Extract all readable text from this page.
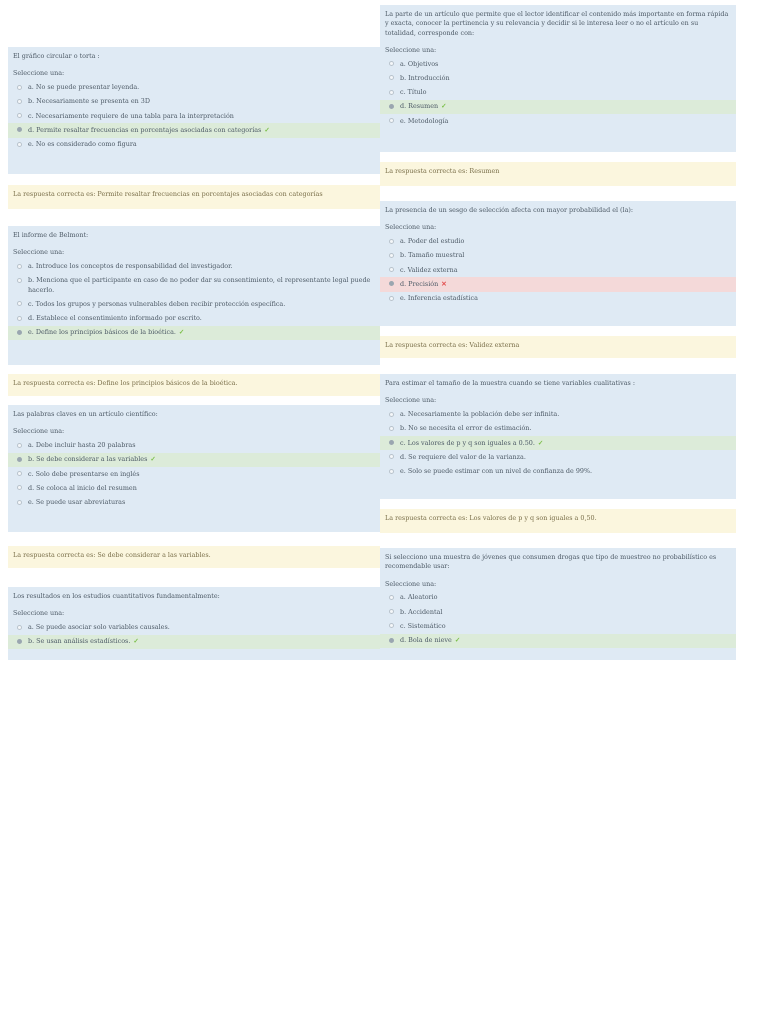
El gráfico circular o torta :

Seleccione una:

a. No se puede presentar leyenda.
b. Necesariamente se presenta en 3D
c. Necesariamente requiere de una tabla para la interpretación
d. Permite resaltar frecuencias en porcentajes asociadas con categorías ✓
e. No es considerado como figura
La respuesta correcta es: Permite resaltar frecuencias en porcentajes asociadas con categorías

El informe de Belmont:

Seleccione una:

a. Introduce los conceptos de responsabilidad del investigador.
b. Menciona que el participante en caso de no poder dar su consentimiento, el representante legal puede hacerlo.
c. Todos los grupos y personas vulnerables deben recibir protección específica.
d. Establece el consentimiento informado por escrito.
e. Define los principios básicos de la bioética. ✓
La respuesta correcta es: Define los principios básicos de la bioética.

Las palabras claves en un artículo científico:

Seleccione una:

a. Debe incluir hasta 20 palabras
b. Se debe considerar a las variables ✓
c. Solo debe presentarse en inglés
d. Se coloca al inicio del resumen
e. Se puede usar abreviaturas
La respuesta correcta es: Se debe considerar a las variables.

Los resultados en los estudios cuantitativos fundamentalmente:

Seleccione una:

a. Se puede asociar solo variables causales.
b. Se usan análisis estadísticos. ✓

La parte de un artículo que permite que el lector identificar el contenido más importante en forma rápida y exacta, conocer la pertinencia y su relevancia y decidir si le interesa leer o no el artículo en su totalidad, corresponde con:

Seleccione una:

a. Objetivos
b. Introducción
c. Título
d. Resumen ✓
e. Metodología
La respuesta correcta es: Resumen

La presencia de un sesgo de selección afecta con mayor probabilidad el (la):

Seleccione una:

a. Poder del estudio
b. Tamaño muestral
c. Validez externa
d. Precisión ✕
e. Inferencia estadística
La respuesta correcta es: Validez externa

Para estimar el tamaño de la muestra cuando se tiene variables cualitativas :

Seleccione una:

a. Necesariamente la población debe ser infinita.
b. No se necesita el error de estimación.
c. Los valores de p y q son iguales a 0.50. ✓
d. Se requiere del valor de la varianza.
e. Solo se puede estimar con un nivel de confianza de 99%.
La respuesta correcta es: Los valores de p y q son iguales a 0,50.

Si selecciono una muestra de jóvenes que consumen drogas que tipo de muestreo no probabilístico es recomendable usar:

Seleccione una:

a. Aleatorio
b. Accidental
c. Sistemático
d. Bola de nieve ✓
